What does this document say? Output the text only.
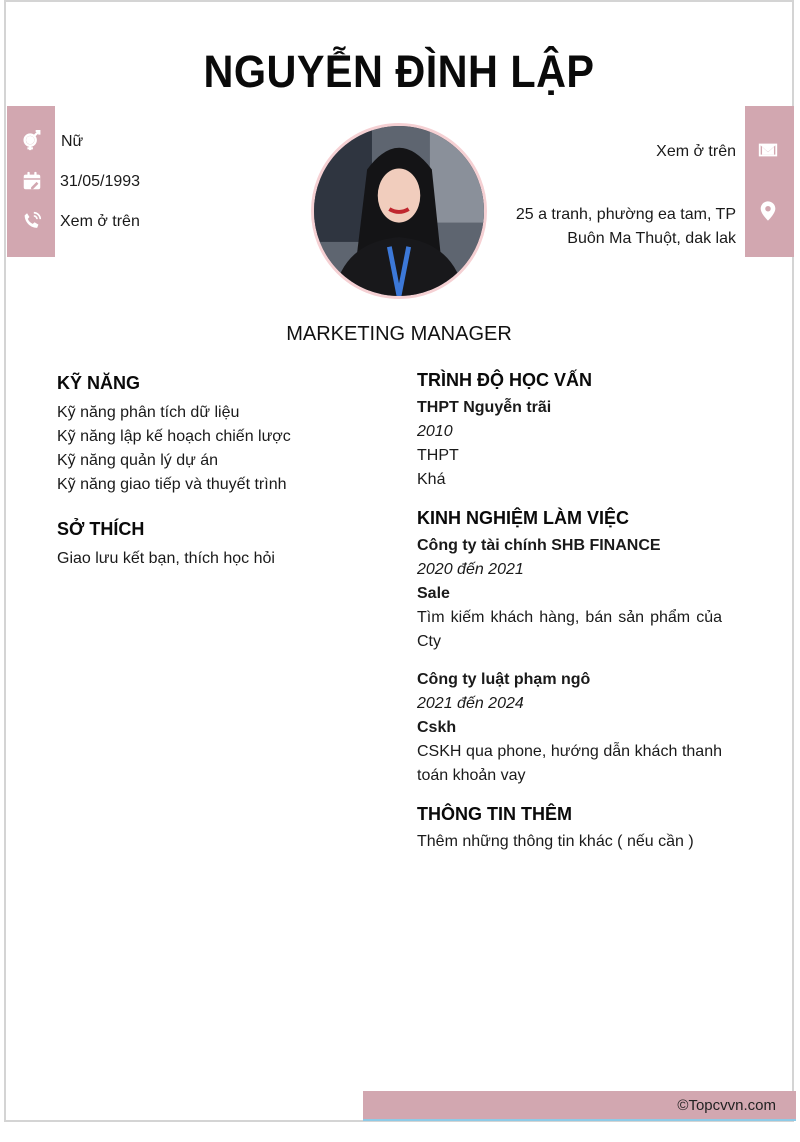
NGUYỄN ĐÌNH LẬP
Nữ
31/05/1993
Xem ở trên
Xem ở trên
25 a tranh, phường ea tam, TP
Buôn Ma Thuột, dak lak
MARKETING MANAGER
KỸ NĂNG
Kỹ năng phân tích dữ liệu
Kỹ năng lập kế hoạch chiến lược
Kỹ năng quản lý dự án
Kỹ năng giao tiếp và thuyết trình
SỞ THÍCH
Giao lưu kết bạn, thích học hỏi
TRÌNH ĐỘ HỌC VẤN
THPT Nguyễn trãi
2010
THPT
Khá
KINH NGHIỆM LÀM VIỆC
Công ty tài chính SHB FINANCE
2020 đến 2021
Sale
Tìm kiếm khách hàng, bán sản phẩm của Cty
Công ty luật phạm ngô
2021 đến 2024
Cskh
CSKH qua phone, hướng dẫn khách thanh toán khoản vay
THÔNG TIN THÊM
Thêm những thông tin khác ( nếu cần )
©Topcvvn.com
